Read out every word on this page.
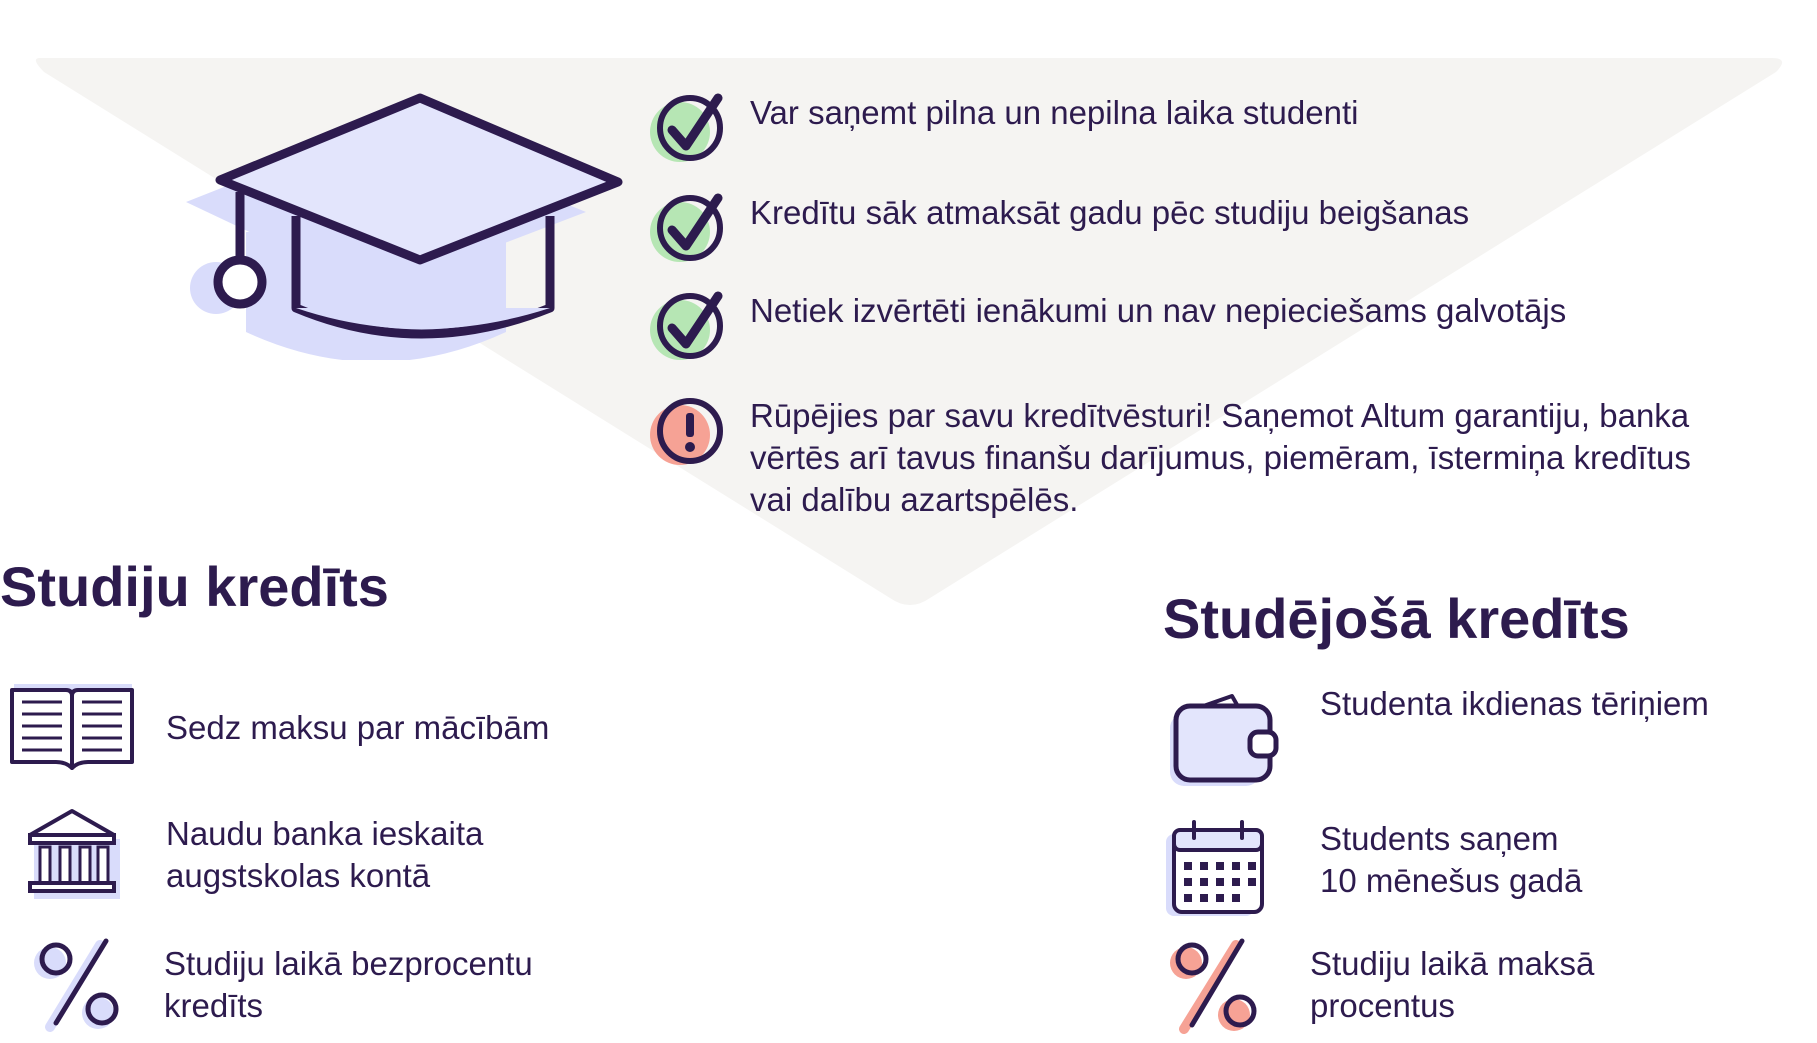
Var saņemt pilna un nepilna laika studenti
Kredītu sāk atmaksāt gadu pēc studiju beigšanas
Netiek izvērtēti ienākumi un nav nepieciešams galvotājs
Rūpējies par savu kredītvēsturi! Saņemot Altum garantiju, banka
vērtēs arī tavus finanšu darījumus, piemēram, īstermiņa kredītus
vai dalību azartspēlēs.
Studiju kredīts
Sedz maksu par mācībām
Naudu banka ieskaita
augstskolas kontā
Studiju laikā bezprocentu
kredīts
Studējošā kredīts
Studenta ikdienas tēriņiem
Students saņem
10 mēnešus gadā
Studiju laikā maksā
procentus
